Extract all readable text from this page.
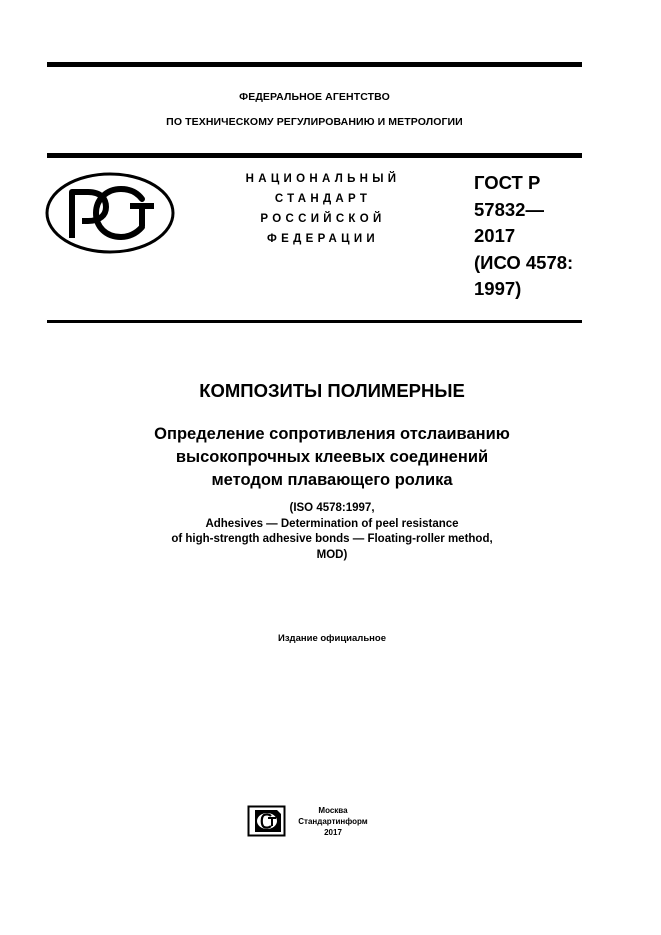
ФЕДЕРАЛЬНОЕ АГЕНТСТВО
ПО ТЕХНИЧЕСКОМУ РЕГУЛИРОВАНИЮ И МЕТРОЛОГИИ
НАЦИОНАЛЬНЫЙ
СТАНДАРТ
РОССИЙСКОЙ
ФЕДЕРАЦИИ
ГОСТ Р
57832—
2017
(ИСО 4578:
1997)
КОМПОЗИТЫ ПОЛИМЕРНЫЕ
Определение сопротивления отслаиванию
высокопрочных клеевых соединений
методом плавающего ролика
(ISO 4578:1997,
Adhesives — Determination of peel resistance
of high-strength adhesive bonds — Floating-roller method,
MOD)
Издание официальное
Москва
Стандартинформ
2017
